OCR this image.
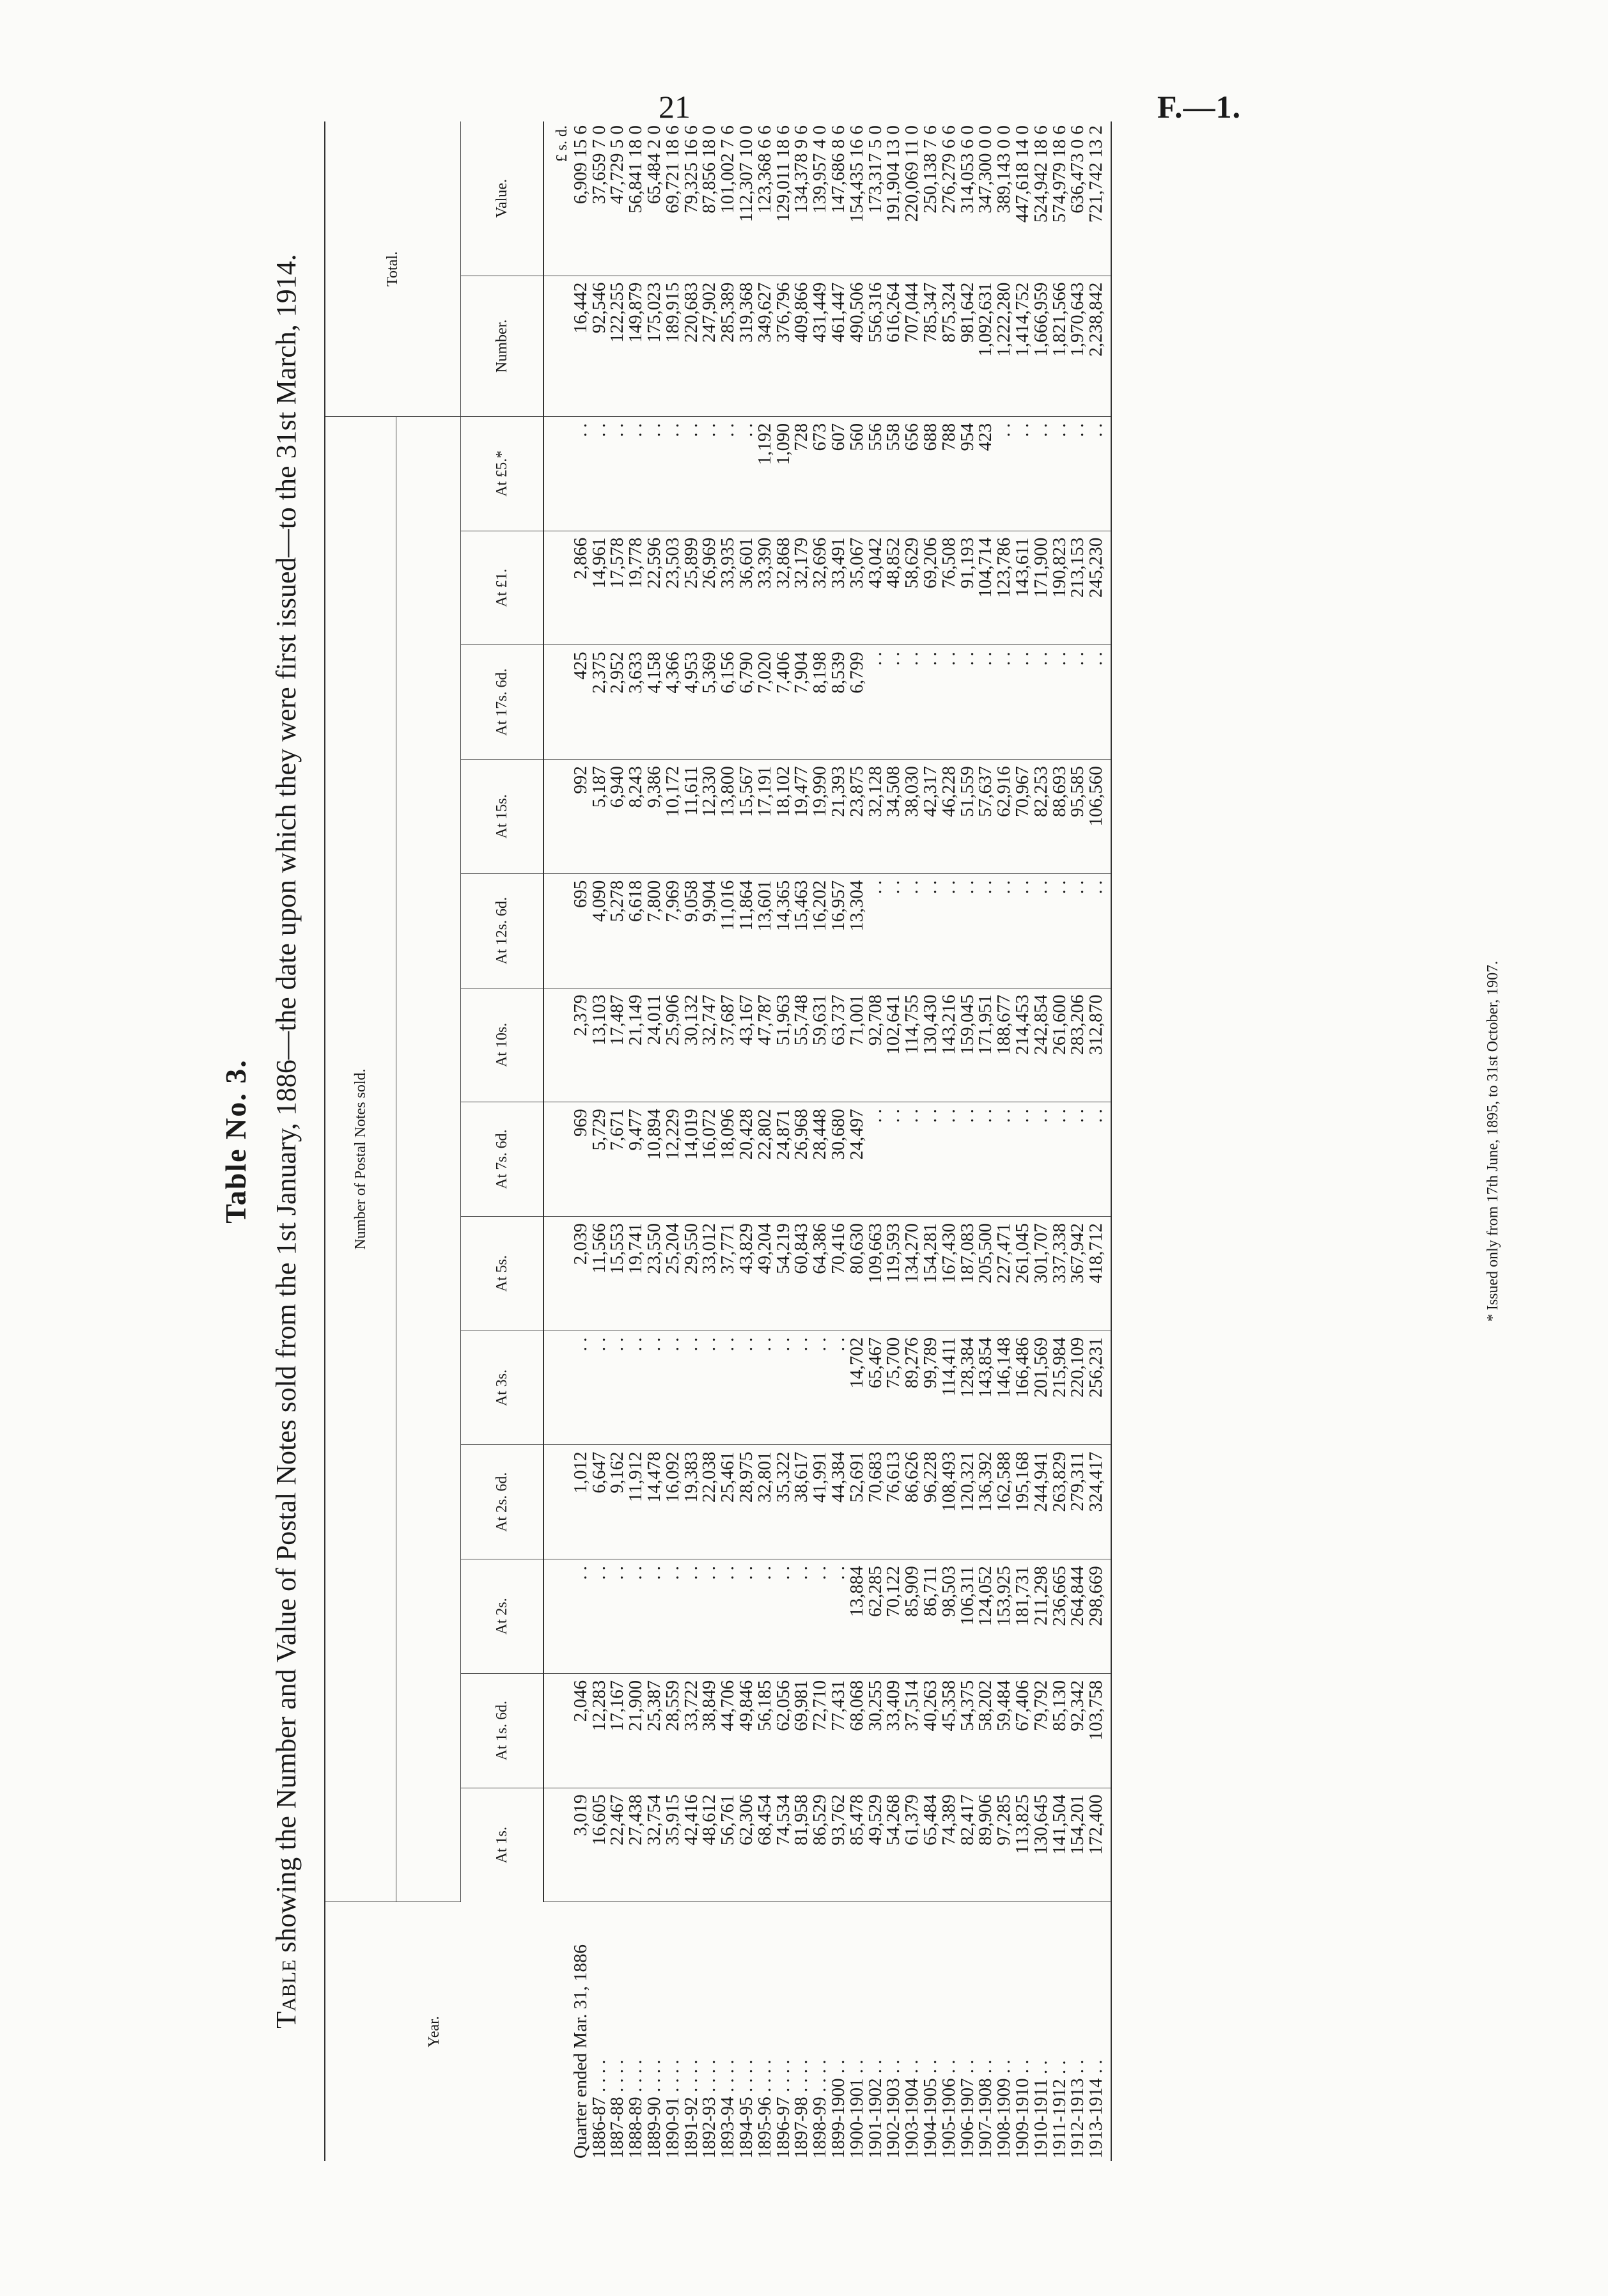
21	F.—1.
Table No. 3.
Table showing the Number and Value of Postal Notes sold from the 1st January, 1886—the date upon which they were first issued—to the 31st March, 1914.
Year.	Number of Postal Notes sold.													Total.	

	At 1s.	At 1s. 6d.	At 2s.	At 2s. 6d.	At 3s.	At 5s.	At 7s. 6d.	At 10s.	At 12s. 6d.	At 15s.	At 17s. 6d.	At £1.	At £5.*	Number.	Value.
															£ s. d.
Quarter ended Mar. 31, 1886	3,019	2,046	. .	1,012	. .	2,039	969	2,379	695	992	425	2,866	. .	16,442	6,909 15 6
1886-87 . . . .	16,605	12,283	. .	6,647	. .	11,566	5,729	13,103	4,090	5,187	2,375	14,961	. .	92,546	37,659 7 0
1887-88 . . . .	22,467	17,167	. .	9,162	. .	15,553	7,671	17,487	5,278	6,940	2,952	17,578	. .	122,255	47,729 5 0
1888-89 . . . .	27,438	21,900	. .	11,912	. .	19,741	9,477	21,149	6,618	8,243	3,633	19,778	. .	149,879	56,841 18 0
1889-90 . . . .	32,754	25,387	. .	14,478	. .	23,550	10,894	24,011	7,800	9,386	4,158	22,596	. .	175,023	65,484 2 0
1890-91 . . . .	35,915	28,559	. .	16,092	. .	25,204	12,229	25,906	7,969	10,172	4,366	23,503	. .	189,915	69,721 18 6
1891-92 . . . .	42,416	33,722	. .	19,383	. .	29,550	14,019	30,132	9,058	11,611	4,953	25,899	. .	220,683	79,325 16 6
1892-93 . . . .	48,612	38,849	. .	22,038	. .	33,012	16,072	32,747	9,904	12,330	5,369	26,969	. .	247,902	87,856 18 0
1893-94 . . . .	56,761	44,706	. .	25,461	. .	37,771	18,096	37,687	11,016	13,800	6,156	33,935	. .	285,389	101,002 7 6
1894-95 . . . .	62,306	49,846	. .	28,975	. .	43,829	20,428	43,167	11,864	15,567	6,790	36,601	. .	319,368	112,307 10 0
1895-96 . . . .	68,454	56,185	. .	32,801	. .	49,204	22,802	47,787	13,601	17,191	7,020	33,390	1,192	349,627	123,368 6 6
1896-97 . . . .	74,534	62,056	. .	35,322	. .	54,219	24,871	51,963	14,365	18,102	7,406	32,868	1,090	376,796	129,011 18 6
1897-98 . . . .	81,958	69,981	. .	38,617	. .	60,843	26,968	55,748	15,463	19,477	7,904	32,179	728	409,866	134,378 9 6
1898-99 . . . .	86,529	72,710	. .	41,991	. .	64,386	28,448	59,631	16,202	19,990	8,198	32,696	673	431,449	139,957 4 0
1899-1900 . .	93,762	77,431	. .	44,384	. .	70,416	30,680	63,737	16,957	21,393	8,539	33,491	607	461,447	147,686 8 6
1900-1901 . .	85,478	68,068	13,884	52,691	14,702	80,630	24,497	71,001	13,304	23,875	6,799	35,067	560	490,506	154,435 16 6
1901-1902 . .	49,529	30,255	62,285	70,683	65,467	109,663	. .	92,708	. .	32,128	. .	43,042	556	556,316	173,317 5 0
1902-1903 . .	54,268	33,409	70,122	76,613	75,700	119,593	. .	102,641	. .	34,508	. .	48,852	558	616,264	191,904 13 0
1903-1904 . .	61,379	37,514	85,909	86,626	89,276	134,270	. .	114,755	. .	38,030	. .	58,629	656	707,044	220,069 11 0
1904-1905 . .	65,484	40,263	86,711	96,228	99,789	154,281	. .	130,430	. .	42,317	. .	69,206	688	785,347	250,138 7 6
1905-1906 . .	74,389	45,358	98,503	108,493	114,411	167,430	. .	143,216	. .	46,228	. .	76,508	788	875,324	276,279 6 6
1906-1907 . .	82,417	54,375	106,311	120,321	128,384	187,083	. .	159,045	. .	51,559	. .	91,193	954	981,642	314,053 6 0
1907-1908 . .	89,906	58,202	124,052	136,392	143,854	205,500	. .	171,951	. .	57,637	. .	104,714	423	1,092,631	347,300 0 0
1908-1909 . .	97,285	59,484	153,925	162,588	146,148	227,471	. .	188,677	. .	62,916	. .	123,786	. .	1,222,280	389,143 0 0
1909-1910 . .	113,825	67,406	181,731	195,168	166,486	261,045	. .	214,453	. .	70,967	. .	143,611	. .	1,414,752	447,618 14 0
1910-1911 . .	130,645	79,792	211,298	244,941	201,569	301,707	. .	242,854	. .	82,253	. .	171,900	. .	1,666,959	524,942 18 6
1911-1912 . .	141,504	85,130	236,665	263,829	215,984	337,338	. .	261,600	. .	88,693	. .	190,823	. .	1,821,566	574,979 18 6
1912-1913 . .	154,201	92,342	264,844	279,311	220,109	367,942	. .	283,206	. .	95,585	. .	213,153	. .	1,970,643	636,473 0 6
1913-1914 . .	172,400	103,758	298,669	324,417	256,231	418,712	. .	312,870	. .	106,560	. .	245,230	. .	2,238,842	721,742 13 2
* Issued only from 17th June, 1895, to 31st October, 1907.
